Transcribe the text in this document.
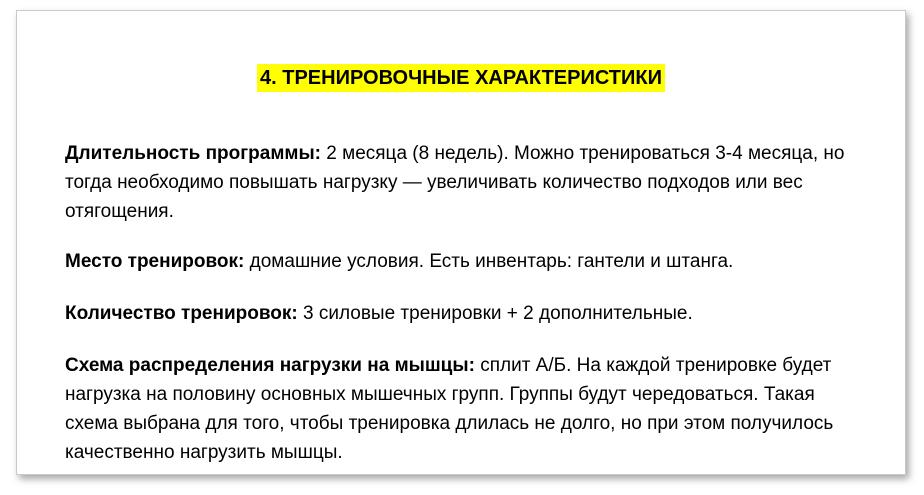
4. ТРЕНИРОВОЧНЫЕ ХАРАКТЕРИСТИКИ

Длительность программы: 2 месяца (8 недель). Можно тренироваться 3-4 месяца, но тогда необходимо повышать нагрузку — увеличивать количество подходов или вес отягощения.

Место тренировок: домашние условия. Есть инвентарь: гантели и штанга.

Количество тренировок: 3 силовые тренировки + 2 дополнительные.

Схема распределения нагрузки на мышцы: сплит А/Б. На каждой тренировке будет нагрузка на половину основных мышечных групп. Группы будут чередоваться. Такая схема выбрана для того, чтобы тренировка длилась не долго, но при этом получилось качественно нагрузить мышцы.
